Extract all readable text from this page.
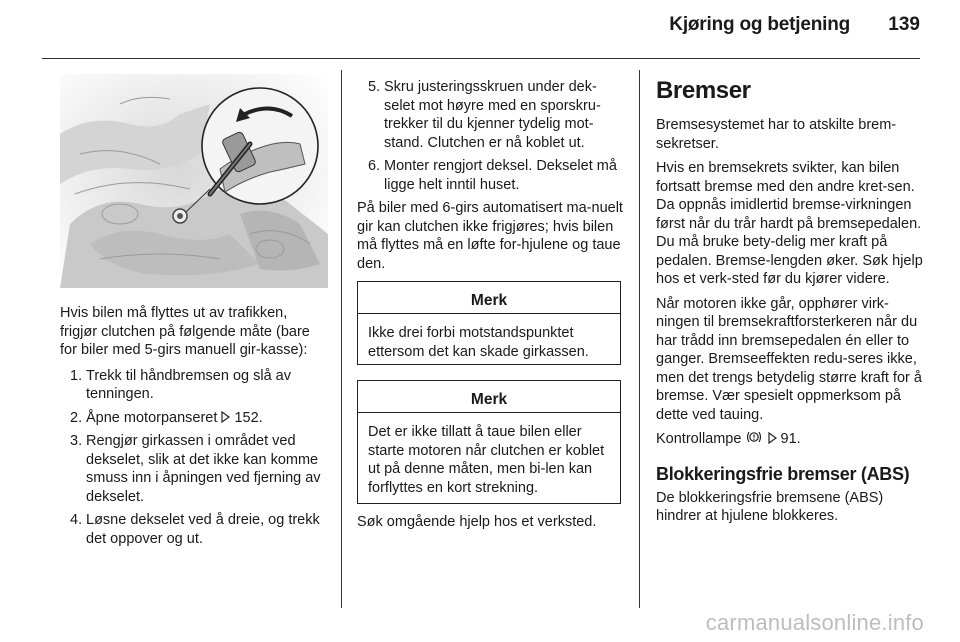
Kjøring og betjening 139

Hvis bilen må flyttes ut av trafikken, frigjør clutchen på følgende måte (bare for biler med 5-girs manuell gir-kasse):

1. Trekk til håndbremsen og slå av tenningen.
2. Åpne motorpanseret 152.
3. Rengjør girkassen i området ved dekselet, slik at det ikke kan komme smuss inn i åpningen ved fjerning av dekselet.
4. Løsne dekselet ved å dreie, og trekk det oppover og ut.
5. Skru justeringsskruen under dek-selet mot høyre med en sporskru-trekker til du kjenner tydelig mot-stand. Clutchen er nå koblet ut.
6. Monter rengjort deksel. Dekselet må ligge helt inntil huset.

På biler med 6-girs automatisert ma-nuelt gir kan clutchen ikke frigjøres; hvis bilen må flyttes må en løfte for-hjulene og taue den.

Merk
Ikke drei forbi motstandspunktet ettersom det kan skade girkassen.
Merk
Det er ikke tillatt å taue bilen eller starte motoren når clutchen er koblet ut på denne måten, men bi-len kan forflyttes en kort strekning.
Søk omgående hjelp hos et verksted.
Bremser

Bremsesystemet har to atskilte brem-sekretser.

Hvis en bremsekrets svikter, kan bilen fortsatt bremse med den andre kret-sen. Da oppnås imidlertid bremse-virkningen først når du trår hardt på bremsepedalen. Du må bruke bety-delig mer kraft på pedalen. Bremse-lengden øker. Søk hjelp hos et verk-sted før du kjører videre.

Når motoren ikke går, opphører virk-ningen til bremsekraftforsterkeren når du har trådd inn bremsepedalen én eller to ganger. Bremseeffekten redu-seres ikke, men det trengs betydelig større kraft for å bremse. Vær spesielt oppmerksom på dette ved tauing.

Kontrollampe	91.

Blokkeringsfrie bremser (ABS)

De blokkeringsfrie bremsene (ABS) hindrer at hjulene blokkeres.

carmanualsonline.info
